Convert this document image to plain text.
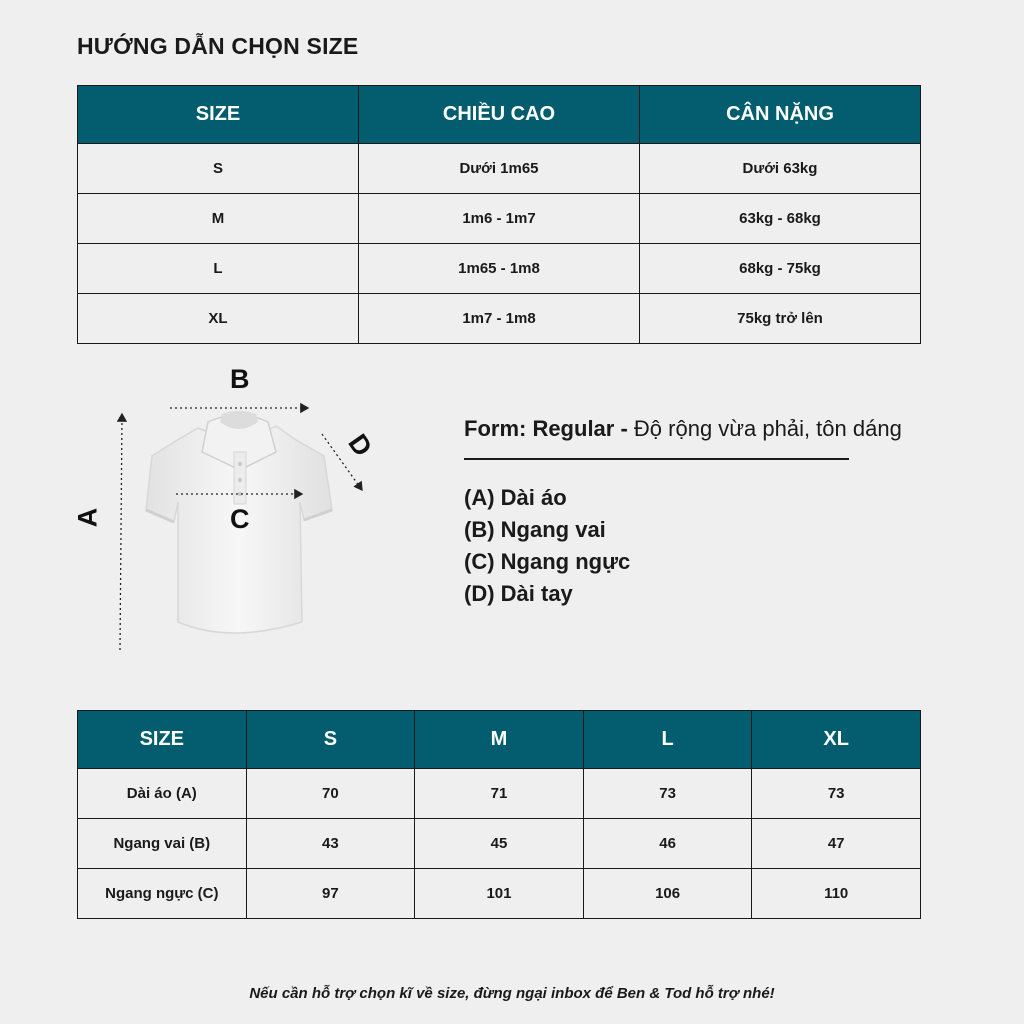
HƯỚNG DẪN CHỌN SIZE
SIZE	CHIỀU CAO	CÂN NẶNG
S	Dưới 1m65	Dưới 63kg
M	1m6 - 1m7	63kg - 68kg
L	1m65 - 1m8	68kg - 75kg
XL	1m7 - 1m8	75kg trở lên
B
C
A
D
Form: Regular - Độ rộng vừa phải, tôn dáng
(A) Dài áo
(B) Ngang vai
(C) Ngang ngực
(D) Dài tay
SIZE	S	M	L	XL
Dài áo (A)	70	71	73	73
Ngang vai (B)	43	45	46	47
Ngang ngực (C)	97	101	106	110
Nếu cần hỗ trợ chọn kĩ về size, đừng ngại inbox để Ben & Tod hỗ trợ nhé!
